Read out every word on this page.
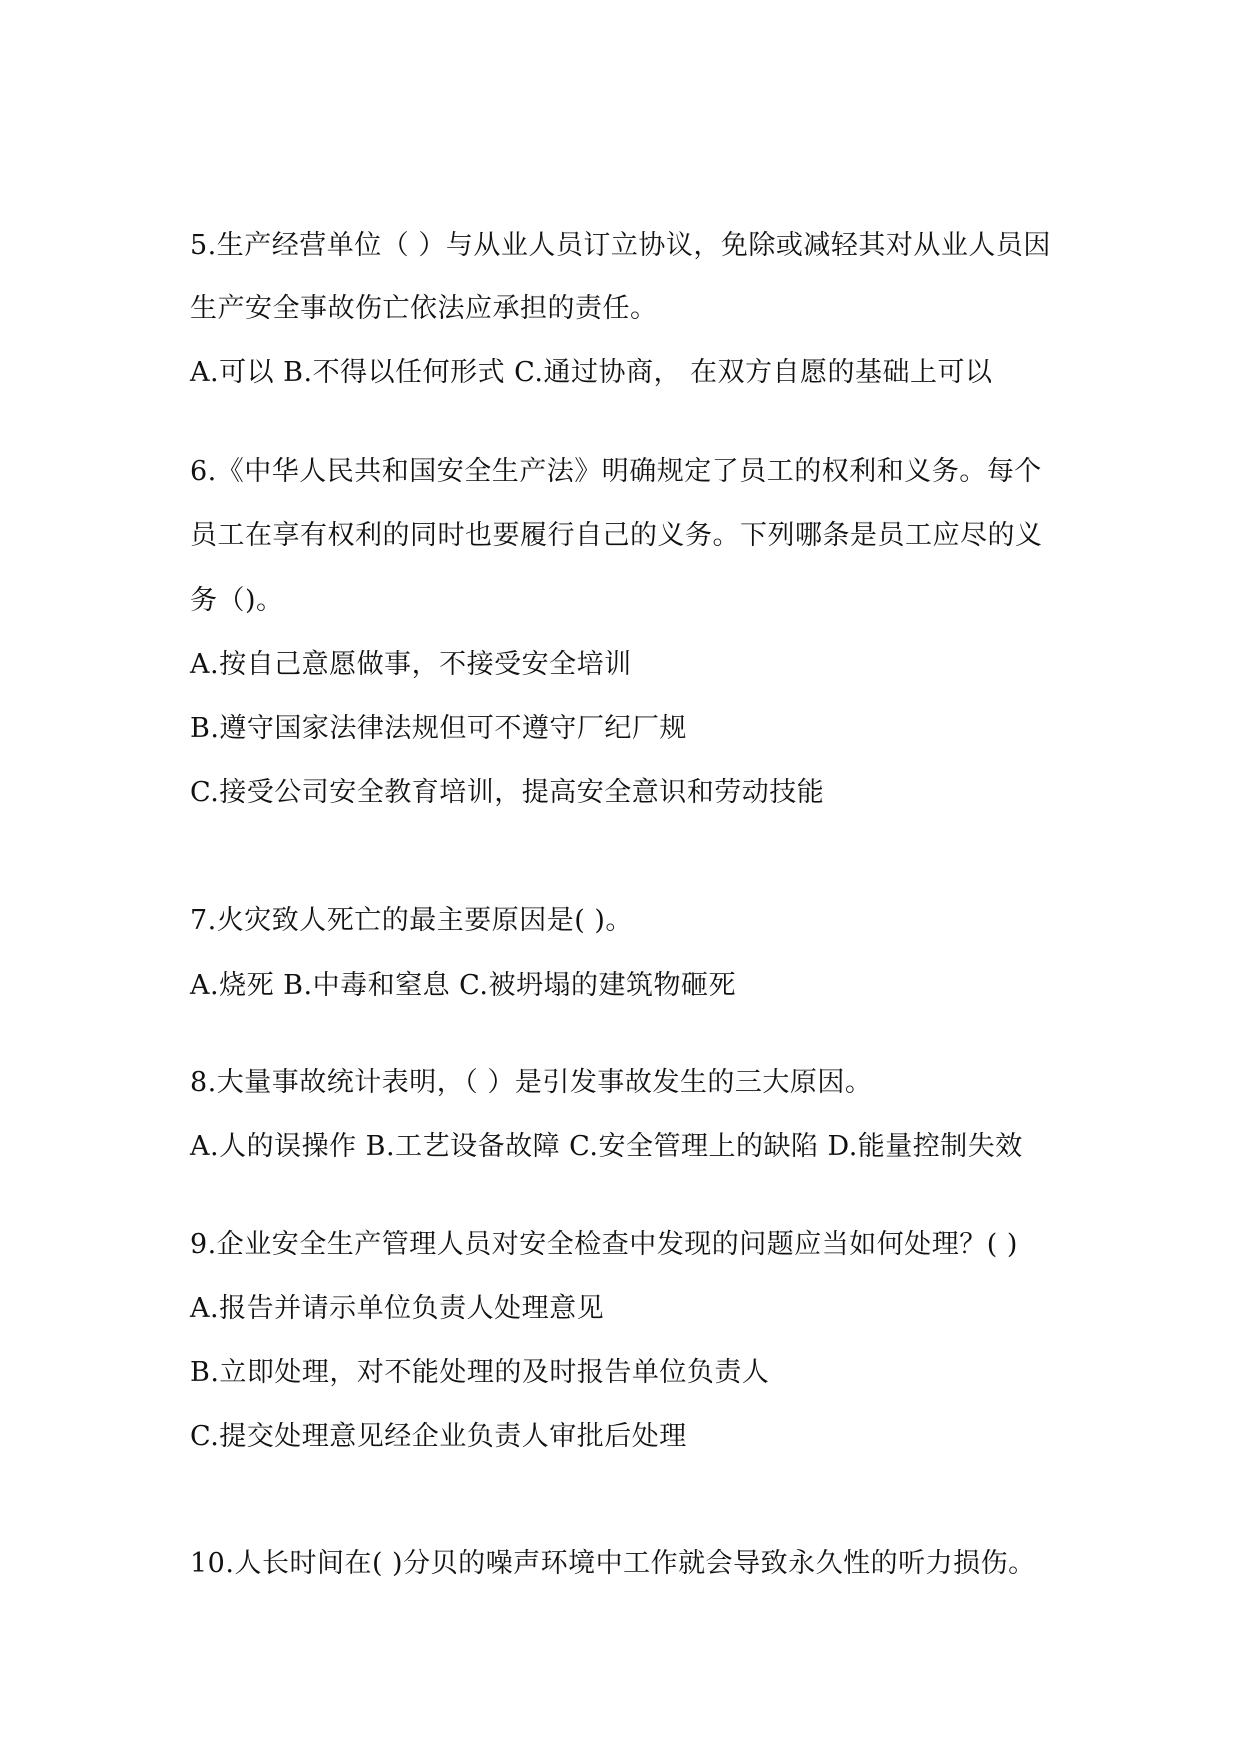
5.生产经营单位（ ）与从业人员订立协议，免除或减轻其对从业人员因
生产安全事故伤亡依法应承担的责任。
A.可以 B.不得以任何形式 C.通过协商， 在双方自愿的基础上可以
6.《中华人民共和国安全生产法》明确规定了员工的权利和义务。每个
员工在享有权利的同时也要履行自己的义务。下列哪条是员工应尽的义
务（)。
A.按自己意愿做事，不接受安全培训
B.遵守国家法律法规但可不遵守厂纪厂规
C.接受公司安全教育培训，提高安全意识和劳动技能
7.火灾致人死亡的最主要原因是( )。
A.烧死 B.中毒和窒息 C.被坍塌的建筑物砸死
8.大量事故统计表明，（ ）是引发事故发生的三大原因。
A.人的误操作 B.工艺设备故障 C.安全管理上的缺陷 D.能量控制失效
9.企业安全生产管理人员对安全检查中发现的问题应当如何处理？( )
A.报告并请示单位负责人处理意见
B.立即处理，对不能处理的及时报告单位负责人
C.提交处理意见经企业负责人审批后处理
10.人长时间在( )分贝的噪声环境中工作就会导致永久性的听力损伤。
